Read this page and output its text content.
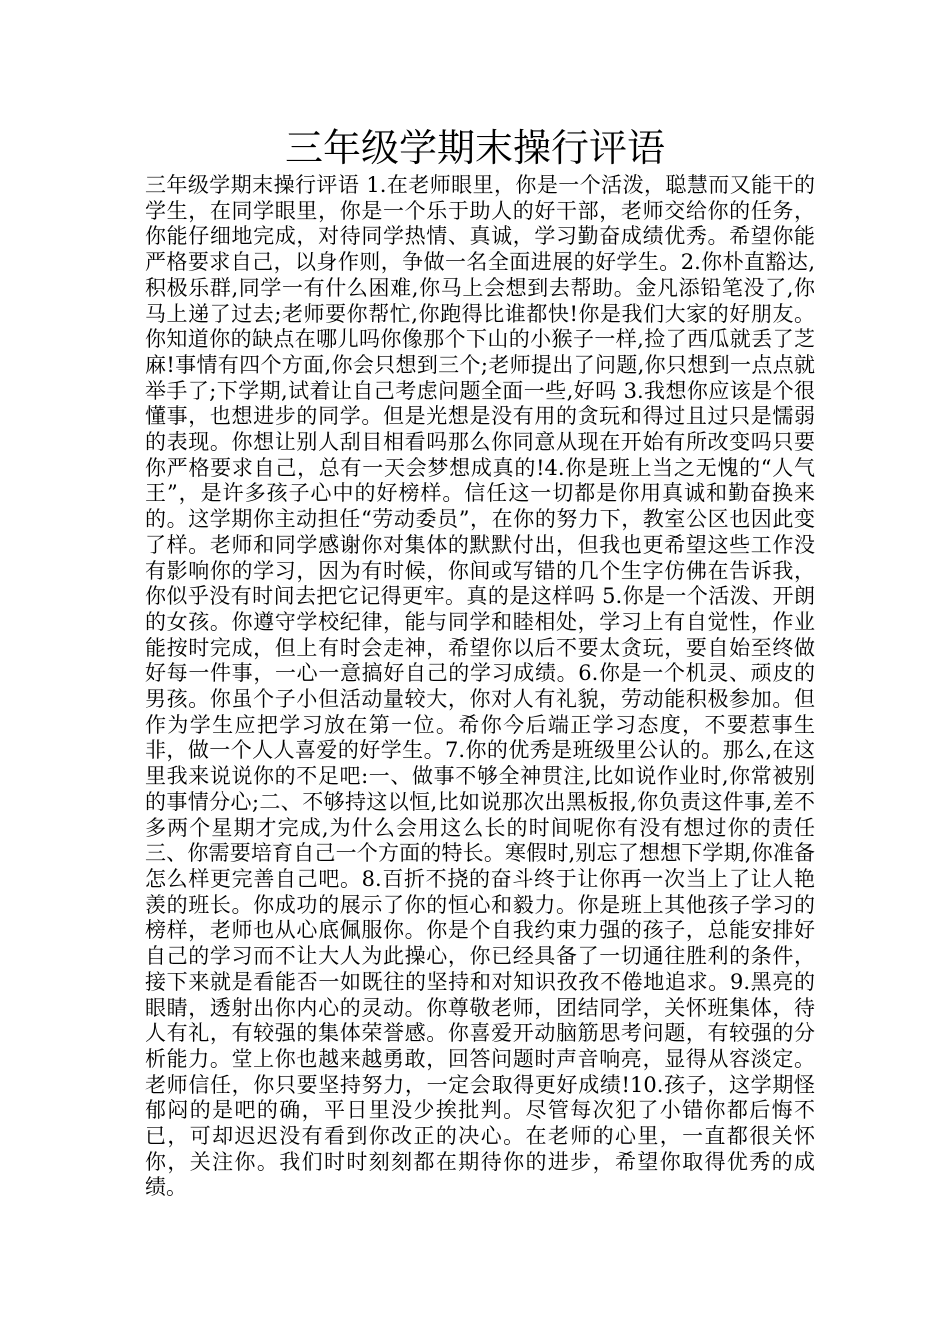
三年级学期末操行评语

三年级学期末操行评语 1.在老师眼里，你是一个活泼，聪慧而又能干的学生，在同学眼里，你是一个乐于助人的好干部，老师交给你的任务，你能仔细地完成，对待同学热情、真诚，学习勤奋成绩优秀。希望你能严格要求自己，以身作则，争做一名全面进展的好学生。2.你朴直豁达,积极乐群,同学一有什么困难,你马上会想到去帮助。金凡添铅笔没了,你马上递了过去;老师要你帮忙,你跑得比谁都快!你是我们大家的好朋友。你知道你的缺点在哪儿吗你像那个下山的小猴子一样,捡了西瓜就丢了芝麻!事情有四个方面,你会只想到三个;老师提出了问题,你只想到一点点就举手了;下学期,试着让自己考虑问题全面一些,好吗 3.我想你应该是个很懂事，也想进步的同学。但是光想是没有用的贪玩和得过且过只是懦弱的表现。你想让别人刮目相看吗那么你同意从现在开始有所改变吗只要你严格要求自己，总有一天会梦想成真的!4.你是班上当之无愧的“人气王”，是许多孩子心中的好榜样。信任这一切都是你用真诚和勤奋换来的。这学期你主动担任“劳动委员”，在你的努力下，教室公区也因此变了样。老师和同学感谢你对集体的默默付出，但我也更希望这些工作没有影响你的学习，因为有时候，你间或写错的几个生字仿佛在告诉我，你似乎没有时间去把它记得更牢。真的是这样吗 5.你是一个活泼、开朗的女孩。你遵守学校纪律，能与同学和睦相处，学习上有自觉性，作业能按时完成，但上有时会走神，希望你以后不要太贪玩，要自始至终做好每一件事，一心一意搞好自己的学习成绩。6.你是一个机灵、顽皮的男孩。你虽个子小但活动量较大，你对人有礼貌，劳动能积极参加。但作为学生应把学习放在第一位。希你今后端正学习态度，不要惹事生非，做一个人人喜爱的好学生。7.你的优秀是班级里公认的。那么,在这里我来说说你的不足吧:一、做事不够全神贯注,比如说作业时,你常被别的事情分心;二、不够持这以恒,比如说那次出黑板报,你负责这件事,差不多两个星期才完成,为什么会用这么长的时间呢你有没有想过你的责任三、你需要培育自己一个方面的特长。寒假时,别忘了想想下学期,你准备怎么样更完善自己吧。8.百折不挠的奋斗终于让你再一次当上了让人艳羡的班长。你成功的展示了你的恒心和毅力。你是班上其他孩子学习的榜样，老师也从心底佩服你。你是个自我约束力强的孩子，总能安排好自己的学习而不让大人为此操心，你已经具备了一切通往胜利的条件，接下来就是看能否一如既往的坚持和对知识孜孜不倦地追求。9.黑亮的眼睛，透射出你内心的灵动。你尊敬老师，团结同学，关怀班集体，待人有礼，有较强的集体荣誉感。你喜爱开动脑筋思考问题，有较强的分析能力。堂上你也越来越勇敢，回答问题时声音响亮，显得从容淡定。老师信任，你只要坚持努力，一定会取得更好成绩!10.孩子，这学期怪郁闷的是吧的确，平日里没少挨批判。尽管每次犯了小错你都后悔不已，可却迟迟没有看到你改正的决心。在老师的心里，一直都很关怀你，关注你。我们时时刻刻都在期待你的进步，希望你取得优秀的成绩。
